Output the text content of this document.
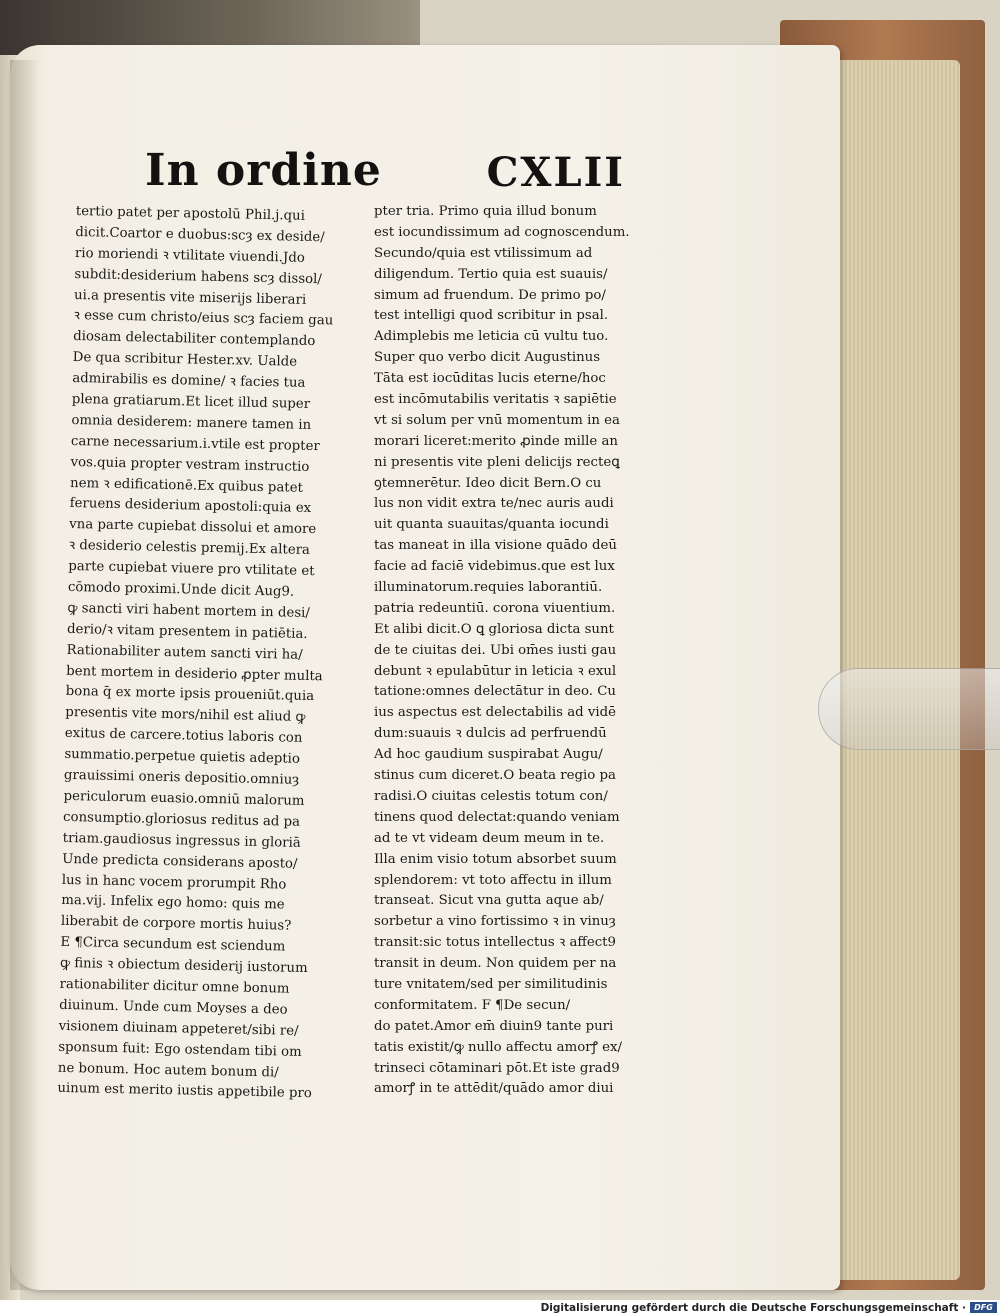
In ordine	CXLII
tertio patet per apostolū Phil.j.qui
dicit.Coartor e duobus:scȝ ex deside/
rio moriendi ꝛ vtilitate viuendi.Jdo
subdit:desiderium habens scȝ dissol/
ui.a presentis vite miserijs liberari
ꝛ esse cum christo/eius scȝ faciem gau
diosam delectabiliter contemplando
De qua scribitur Hester.xv. Ualde
admirabilis es domine/ ꝛ facies tua
plena gratiarum.Et licet illud super
omnia desiderem: manere tamen in
carne necessarium.i.vtile est propter
vos.quia propter vestram instructio
nem ꝛ edificationē.Ex quibus patet
feruens desiderium apostoli:quia ex
vna parte cupiebat dissolui et amore
ꝛ desiderio celestis premij.Ex altera
parte cupiebat viuere pro vtilitate et
cōmodo proximi.Unde dicit Aug9.
ꝙ sancti viri habent mortem in desi/
derio/ꝛ vitam presentem in patiētia.
Rationabiliter autem sancti viri ha/
bent mortem in desiderio ꝓpter multa
bona q̄ ex morte ipsis proueniūt.quia
presentis vite mors/nihil est aliud ꝙ
exitus de carcere.totius laboris con
summatio.perpetue quietis adeptio
grauissimi oneris depositio.omniuȝ
periculorum euasio.omniū malorum
consumptio.gloriosus reditus ad pa
triam.gaudiosus ingressus in gloriā
Unde predicta considerans aposto/
lus in hanc vocem prorumpit Rho
ma.vij. Infelix ego homo: quis me
liberabit de corpore mortis huius?
E ¶Circa secundum est sciendum
ꝙ finis ꝛ obiectum desiderij iustorum
rationabiliter dicitur omne bonum
diuinum. Unde cum Moyses a deo
visionem diuinam appeteret/sibi re/
sponsum fuit: Ego ostendam tibi om
ne bonum. Hoc autem bonum di/
uinum est merito iustis appetibile pro
pter tria. Primo quia illud bonum
est iocundissimum ad cognoscendum.
Secundo/quia est vtilissimum ad
diligendum. Tertio quia est suauis/
simum ad fruendum. De primo po/
test intelligi quod scribitur in psal.
Adimplebis me leticia cū vultu tuo.
Super quo verbo dicit Augustinus
Tāta est iocūditas lucis eterne/hoc
est incōmutabilis veritatis ꝛ sapiētie
vt si solum per vnū momentum in ea
morari liceret:merito ꝓinde mille an
ni presentis vite pleni delicijs recteꝗ
ꝯtemnerētur. Ideo dicit Bern.O cu
lus non vidit extra te/nec auris audi
uit quanta suauitas/quanta iocundi
tas maneat in illa visione quādo deū
facie ad faciē videbimus.que est lux
illuminatorum.requies laborantiū.
patria redeuntiū. corona viuentium.
Et alibi dicit.O ꝗ gloriosa dicta sunt
de te ciuitas dei. Ubi om̄es iusti gau
debunt ꝛ epulabūtur in leticia ꝛ exul
tatione:omnes delectātur in deo. Cu
ius aspectus est delectabilis ad vidē
dum:suauis ꝛ dulcis ad perfruendū
Ad hoc gaudium suspirabat Augu/
stinus cum diceret.O beata regio pa
radisi.O ciuitas celestis totum con/
tinens quod delectat:quando veniam
ad te vt videam deum meum in te.
Illa enim visio totum absorbet suum
splendorem: vt toto affectu in illum
transeat. Sicut vna gutta aque ab/
sorbetur a vino fortissimo ꝛ in vinuȝ
transit:sic totus intellectus ꝛ affect9
transit in deum. Non quidem per na
ture vnitatem/sed per similitudinis
conformitatem. F ¶De secun/
do patet.Amor em̄ diuin9 tante puri
tatis existit/ꝙ nullo affectu amorꝭ ex/
trinseci cōtaminari pōt.Et iste grad9
amorꝭ in te attēdit/quādo amor diui
Digitalisierung gefördert durch die Deutsche Forschungsgemeinschaft ·	DFG
